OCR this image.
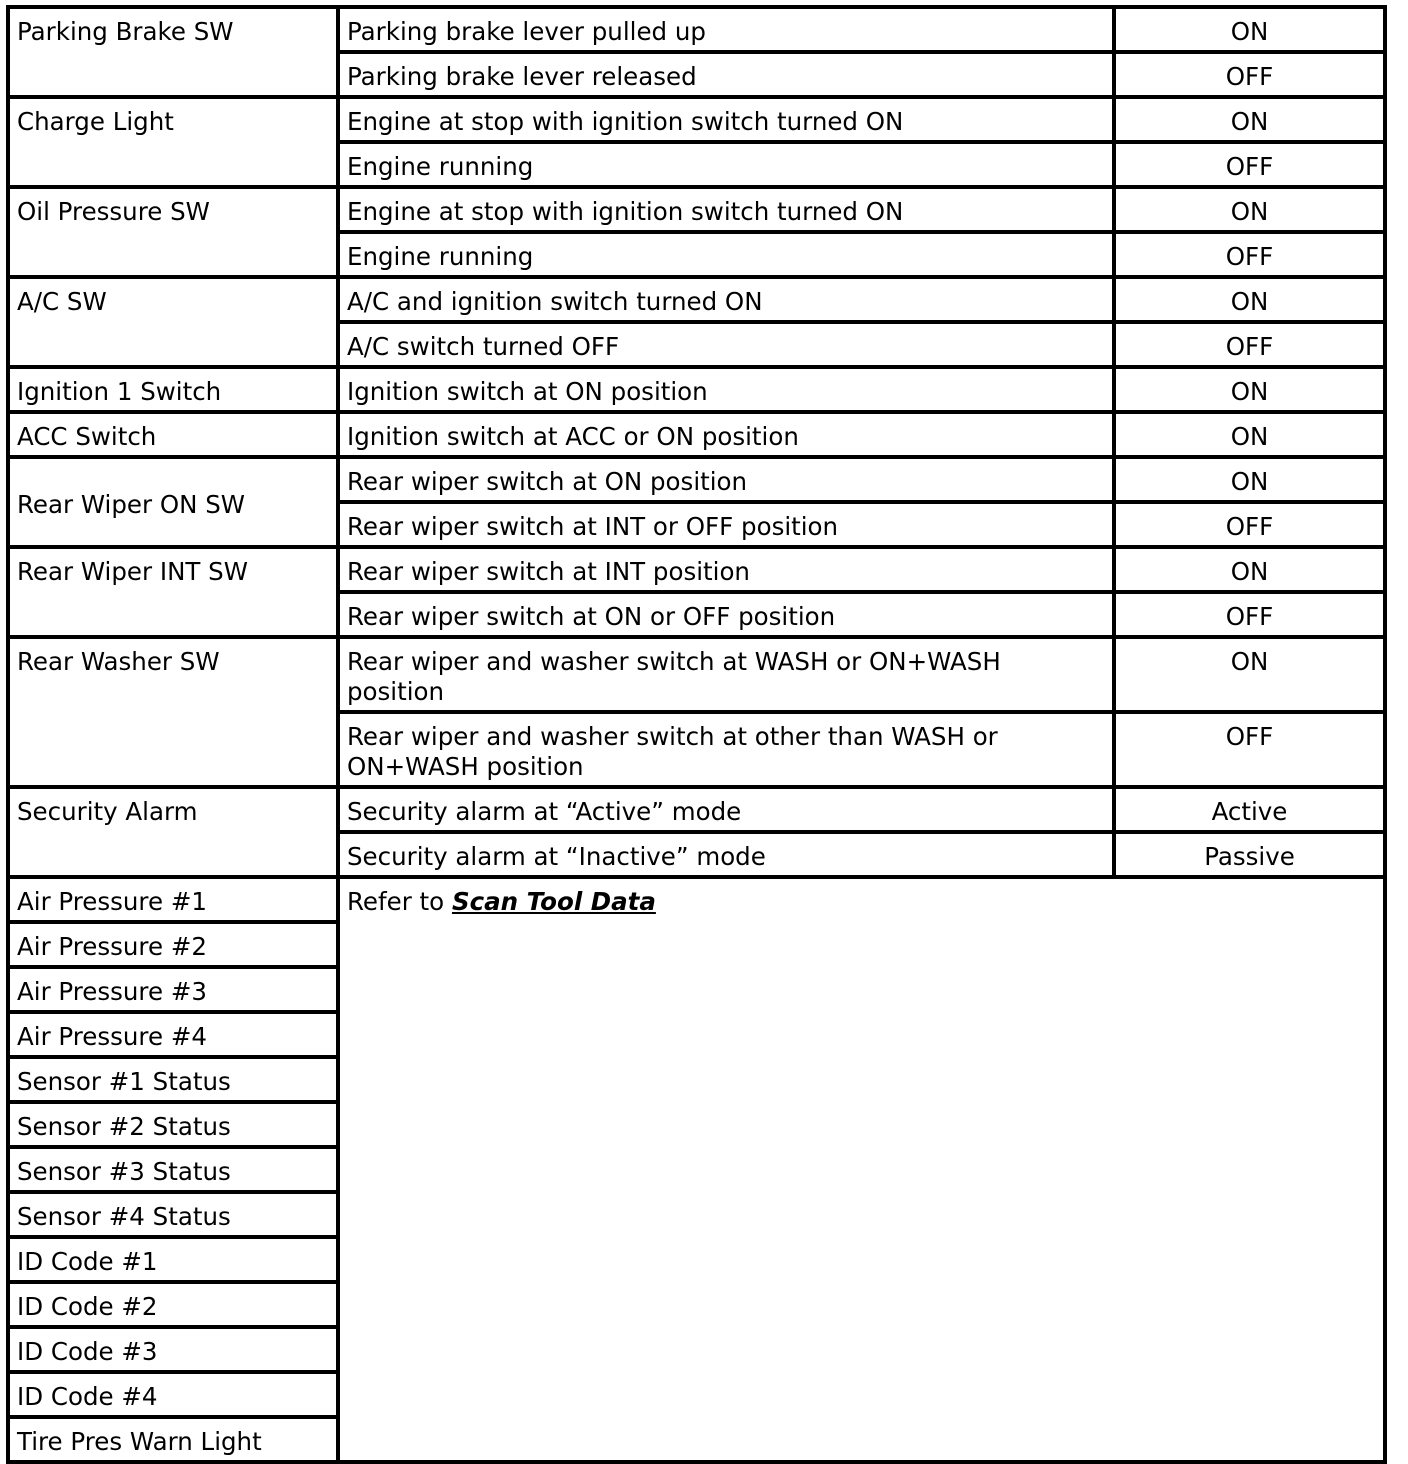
Parking Brake SW	Parking brake lever pulled up	ON
	Parking brake lever released	OFF
Charge Light	Engine at stop with ignition switch turned ON	ON
	Engine running	OFF
Oil Pressure SW	Engine at stop with ignition switch turned ON	ON
	Engine running	OFF
A/C SW	A/C and ignition switch turned ON	ON
	A/C switch turned OFF	OFF
Ignition 1 Switch	Ignition switch at ON position	ON
ACC Switch	Ignition switch at ACC or ON position	ON
Rear Wiper ON SW	Rear wiper switch at ON position	ON
	Rear wiper switch at INT or OFF position	OFF
Rear Wiper INT SW	Rear wiper switch at INT position	ON
	Rear wiper switch at ON or OFF position	OFF
Rear Washer SW	Rear wiper and washer switch at WASH or ON+WASH position	ON
	Rear wiper and washer switch at other than WASH or ON+WASH position	OFF
Security Alarm	Security alarm at “Active” mode	Active
	Security alarm at “Inactive” mode	Passive
Air Pressure #1	Refer to Scan Tool Data	
Air Pressure #2		
Air Pressure #3		
Air Pressure #4		
Sensor #1 Status		
Sensor #2 Status		
Sensor #3 Status		
Sensor #4 Status		
ID Code #1		
ID Code #2		
ID Code #3		
ID Code #4		
Tire Pres Warn Light		
